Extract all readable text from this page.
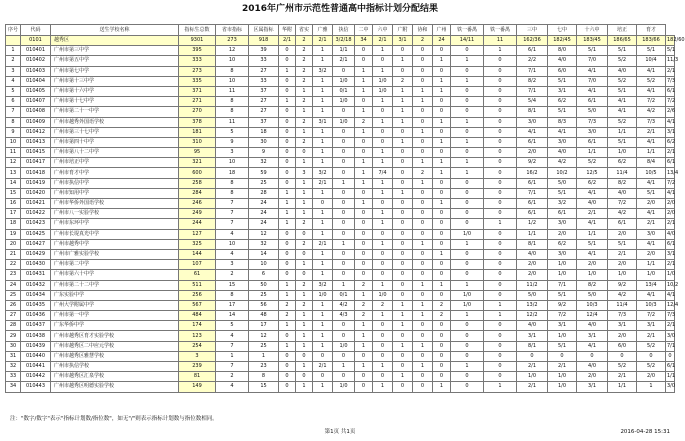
2016年广州市示范性普通高中指标计划分配结果
序号	代码	送生学校名称	指标生总数	省市指标	区属指标	华附	省实	广雅	执信	二中	六中	广附	协和	广州	铁一番禺	铁一番禺	三中	七中	十六中	培正	育才	
	0101	越秀区	9301	273	918	2/1	2	2/1	3/2/18	34	2/1	3/1	2	24	14/11	11	162/36	182/45	183/45	186/65	183/66	182/60
1	010401	广州市第三中学	395	12	39	0	2	1	1/1	0	1	0	0	0	0	1	6/1	8/0	5/1	5/1	5/1	5/1
2	010402	广州市第五中学	333	10	33	0	2	1	2/1	0	0	1	0	1	1	0	2/2	4/0	7/0	5/2	10/4	11/3
3	010403	广州市第七中学	273	8	27	1	2	3/2	0	1	1	0	0	0	0	0	7/1	6/0	4/1	4/0	4/1	2/1
4	010404	广州市第十三中学	335	10	33	0	2	1	1/0	1	1/0	2	0	1	1	0	8/2	5/1	7/0	5/2	5/2	7/3
5	010405	广州市第十六中学	371	11	37	0	1	1	0/1	1	1/0	1	1	1	0	0	7/1	3/1	4/1	5/1	4/1	6/1
6	010407	广州市第十七中学	271	8	27	1	2	1	1/0	0	1	1	1	0	0	0	5/4	6/2	6/1	4/1	7/2	7/2
7	010408	广州市第二十一中学	270	8	27	0	1	1	0	1	0	1	0	0	0	0	8/1	5/1	5/0	4/1	4/2	2/6
8	010409	广州市越秀外国语学校	378	11	37	0	2	3/1	1/0	2	1	1	0	1	1	0	3/0	8/3	7/3	5/2	7/3	4/1
9	010412	广州市第三十七中学	181	5	18	0	1	1	0	1	0	0	1	0	0	0	4/1	4/1	3/0	1/1	2/1	3/1
10	010413	广州市第四十中学	310	9	30	0	2	1	0	0	0	1	0	1	1	0	6/1	3/0	6/1	5/1	4/1	6/2
11	010415	广州市第八十二中学	95	3	9	0	0	1	0	0	1	0	0	0	0	0	2/0	4/0	1/1	1/0	1/1	2/1
12	010417	广州市培正中学	321	10	32	0	1	1	0	1	1	0	1	1	1	0	9/2	4/2	5/2	6/2	8/4	6/1
13	010418	广州市育才中学	600	18	59	0	3	3/2	0	1	7/4	0	2	1	1	0	16/2	10/2	12/5	11/4	10/5	13/4
14	010419	广州市执信中学	258	8	25	0	1	2/1	1	1	1	0	1	0	0	0	6/1	5/0	6/2	8/2	4/1	7/2
15	010420	广州市知用中学	284	8	28	1	1	1	0	0	1	1	0	0	0	0	7/1	5/1	4/1	4/0	5/1	4/1
16	010421	广州市华侨外国语学校	246	7	24	1	1	0	0	1	0	0	0	1	0	0	6/1	3/2	4/0	7/2	2/0	2/0
17	010422	广州市八一实验学校	249	7	24	1	1	1	0	0	1	0	0	0	0	0	6/1	6/1	2/1	4/2	4/1	2/0
18	010423	广州市东环中学	244	7	24	1	2	1	0	0	1	0	0	0	0	1	1/2	3/0	4/1	6/1	2/1	2/1
19	010425	广州市长堤真光中学	127	4	12	0	0	1	0	0	0	0	0	0	1/0	0	1/1	2/0	1/1	2/0	3/0	4/0
20	010427	广州市越秀中学	325	10	32	0	2	2/1	1	0	1	0	1	0	1	0	8/1	6/2	5/1	5/1	4/1	6/1
21	010429	广州市广雅实验学校	144	4	14	0	0	1	0	0	0	0	0	1	0	0	4/0	3/0	4/1	2/1	2/0	3/1
22	010430	广州市第二中学	107	3	10	0	1	1	0	0	0	0	0	0	0	0	2/0	1/0	2/0	2/0	1/1	2/1
23	010431	广州市第六十中学	61	2	6	0	0	1	0	0	0	0	0	0	0	0	2/0	1/0	1/0	1/0	1/0	1/0
24	010432	广州市第二十二中学	511	15	50	1	2	3/2	1	2	1	0	1	1	1	0	11/2	7/1	8/2	9/2	13/4	10/2
25	010434	广东实验中学	256	8	25	1	1	1/0	0/1	1	1/0	0	0	0	1/0	0	5/0	5/1	5/0	4/2	4/1	4/1
26	010435	广州大学附属中学	567	17	56	2	2	1	4/2	2	2	1	1	2	1/0	1	13/2	9/2	10/3	11/4	10/3	12/4
27	010436	广州市第一中学	484	14	48	2	1	1	4/3	2	1	1	1	2	1	1	12/2	7/2	12/4	7/3	7/2	7/3
28	010437	广东华侨中学	174	5	17	1	1	1	0	1	0	1	0	0	0	0	4/0	3/1	4/0	3/1	3/1	2/1
29	010438	广州市越秀区育才实验学校	123	4	12	0	1	1	0	1	0	0	0	0	0	0	3/1	1/0	3/1	2/0	2/1	3/0
30	010439	广州市越秀区二中应元学校	254	7	25	1	1	1	1/0	1	0	1	1	0	0	0	8/1	5/1	4/1	6/0	5/2	7/1
31	010440	广州市越秀区雅慧学校	3	1	1	0	0	0	0	0	0	0	0	0	0	0	0	0	0	0	0	0
32	010441	广州市执信学校	239	7	23	0	1	2/1	1	1	1	0	1	0	1	0	2/1	2/1	4/0	5/2	5/2	6/1
33	010442	广州市越秀区汇泉学校	81	2	8	0	0	0	0	0	0	1	0	0	0	0	1/0	1/0	2/0	2/1	2/0	1/1
34	010443	广州市越秀区明德实验学校	149	4	15	0	1	1	1/0	0	1	0	0	1	0	1	2/1	1/0	3/1	1/1	1	3/0
注："数字/数字"表示"指标计划数/指位数"，如无"/"则表示指标计划数与指位数相同。
第1页 共1页	2016-04-28 15:31
